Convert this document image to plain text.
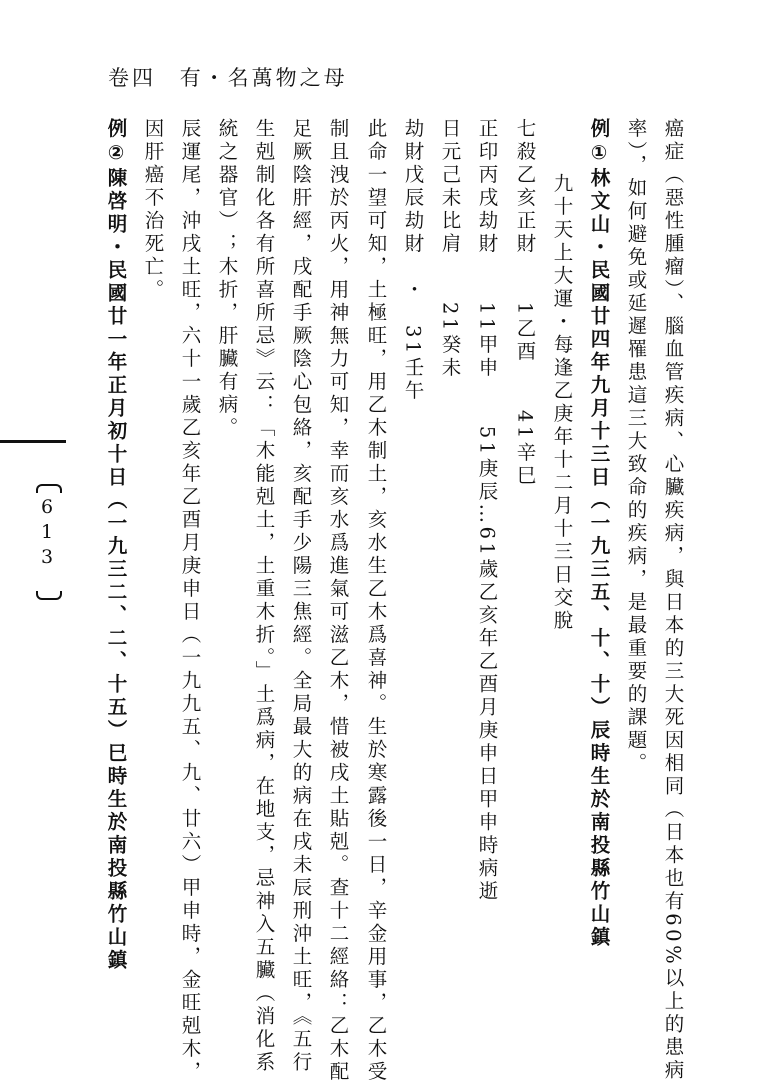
卷四 有・名萬物之母
癌症（惡性腫瘤）、腦血管疾病、心臟疾病，與日本的三大死因相同（日本也有60%以上的患病
率），如何避免或延遲罹患這三大致命的疾病，是最重要的課題。
例①林文山・民國廿四年九月十三日（一九三五、十、十）辰時生於南投縣竹山鎮
九十天上大運・每逢乙庚年十二月十三日交脫
七殺乙亥正財　　1乙酉　　41辛巳
正印丙戌劫財　　11甲申　　51庚辰…61歲乙亥年乙酉月庚申日甲申時病逝
日元己未比肩　　21癸未
劫財戊辰劫財　・　31壬午
此命一望可知，土極旺，用乙木制土，亥水生乙木爲喜神。生於寒露後一日，辛金用事，乙木受
制且洩於丙火，用神無力可知，幸而亥水爲進氣可滋乙木，惜被戌土貼剋。查十二經絡：乙木配
足厥陰肝經，戌配手厥陰心包絡，亥配手少陽三焦經。全局最大的病在戌未辰刑沖土旺，《五行
生剋制化各有所喜所忌》云：「木能剋土，土重木折。」土爲病，在地支，忌神入五臟（消化系
統之器官）；木折，肝臟有病。
辰運尾，沖戌土旺，六十一歲乙亥年乙酉月庚申日（一九九五、九、廿六）甲申時，金旺剋木，
因肝癌不治死亡。
例②陳啓明・民國廿一年正月初十日（一九三二、二、十五）巳時生於南投縣竹山鎮
613
